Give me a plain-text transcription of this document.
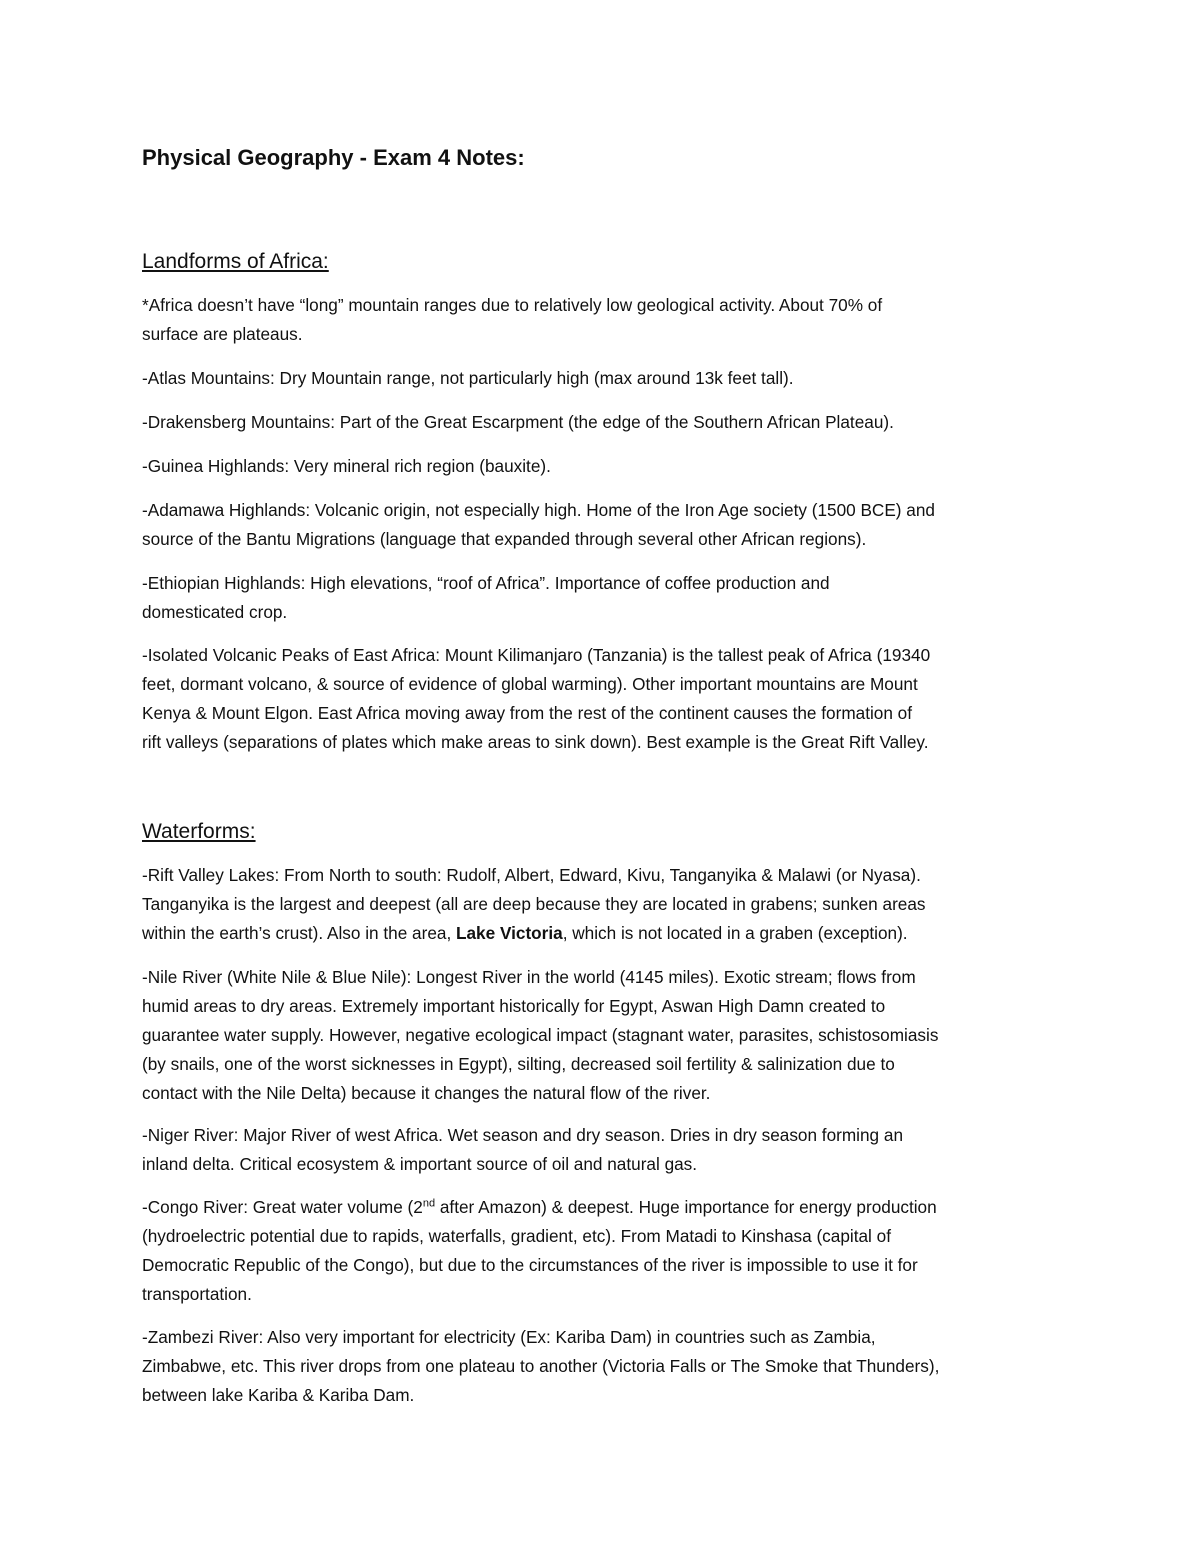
Physical Geography - Exam 4 Notes:
Landforms of Africa:
*Africa doesn’t have “long” mountain ranges due to relatively low geological activity. About 70% of
surface are plateaus.
-Atlas Mountains: Dry Mountain range, not particularly high (max around 13k feet tall).
-Drakensberg Mountains: Part of the Great Escarpment (the edge of the Southern African Plateau).
-Guinea Highlands: Very mineral rich region (bauxite).
-Adamawa Highlands: Volcanic origin, not especially high. Home of the Iron Age society (1500 BCE) and
source of the Bantu Migrations (language that expanded through several other African regions).
-Ethiopian Highlands: High elevations, “roof of Africa”. Importance of coffee production and
domesticated crop.
-Isolated Volcanic Peaks of East Africa: Mount Kilimanjaro (Tanzania) is the tallest peak of Africa (19340
feet, dormant volcano, & source of evidence of global warming). Other important mountains are Mount
Kenya & Mount Elgon. East Africa moving away from the rest of the continent causes the formation of
rift valleys (separations of plates which make areas to sink down). Best example is the Great Rift Valley.
Waterforms:
-Rift Valley Lakes: From North to south: Rudolf, Albert, Edward, Kivu, Tanganyika & Malawi (or Nyasa).
Tanganyika is the largest and deepest (all are deep because they are located in grabens; sunken areas
within the earth’s crust). Also in the area, Lake Victoria, which is not located in a graben (exception).
-Nile River (White Nile & Blue Nile): Longest River in the world (4145 miles). Exotic stream; flows from
humid areas to dry areas. Extremely important historically for Egypt, Aswan High Damn created to
guarantee water supply. However, negative ecological impact (stagnant water, parasites, schistosomiasis
(by snails, one of the worst sicknesses in Egypt), silting, decreased soil fertility & salinization due to
contact with the Nile Delta) because it changes the natural flow of the river.
-Niger River: Major River of west Africa. Wet season and dry season. Dries in dry season forming an
inland delta. Critical ecosystem & important source of oil and natural gas.
-Congo River: Great water volume (2nd after Amazon) & deepest. Huge importance for energy production
(hydroelectric potential due to rapids, waterfalls, gradient, etc). From Matadi to Kinshasa (capital of
Democratic Republic of the Congo), but due to the circumstances of the river is impossible to use it for
transportation.
-Zambezi River: Also very important for electricity (Ex: Kariba Dam) in countries such as Zambia,
Zimbabwe, etc. This river drops from one plateau to another (Victoria Falls or The Smoke that Thunders),
between lake Kariba & Kariba Dam.
